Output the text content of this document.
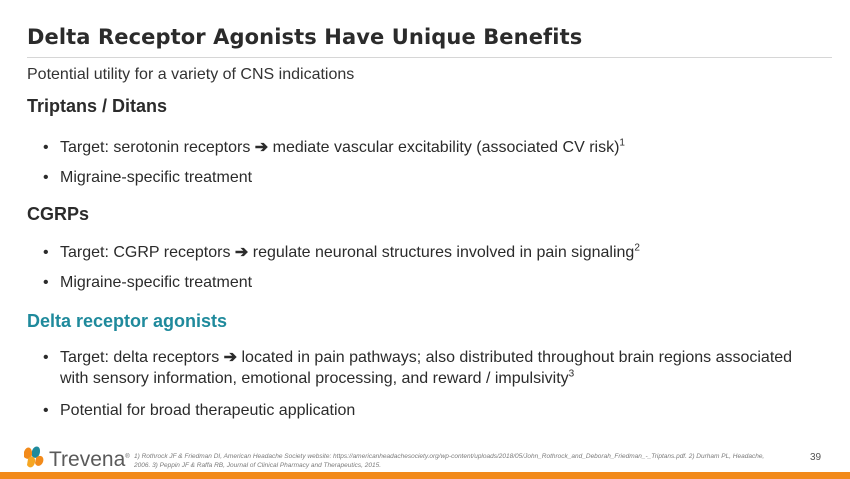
Delta Receptor Agonists Have Unique Benefits
Potential utility for a variety of CNS indications
Triptans / Ditans
• Target: serotonin receptors ➔ mediate vascular excitability (associated CV risk)$^1$
• Migraine-specific treatment
CGRPs
• Target: CGRP receptors ➔ regulate neuronal structures involved in pain signaling$^2$
• Migraine-specific treatment
Delta receptor agonists
• Target: delta receptors ➔ located in pain pathways; also distributed throughout brain regions associated with sensory information, emotional processing, and reward / impulsivity$^3$
• Potential for broad therapeutic application
Trevena® 1) Rothrock JF & Friedman DI, American Headache Society website: https://americanheadachesociety.org/wp-content/uploads/2018/05/John_Rothrock_and_Deborah_Friedman_-_Triptans.pdf. 2) Durham PL, Headache, 2006. 3) Peppin JF & Raffa RB, Journal of Clinical Pharmacy and Therapeutics, 2015.
39
